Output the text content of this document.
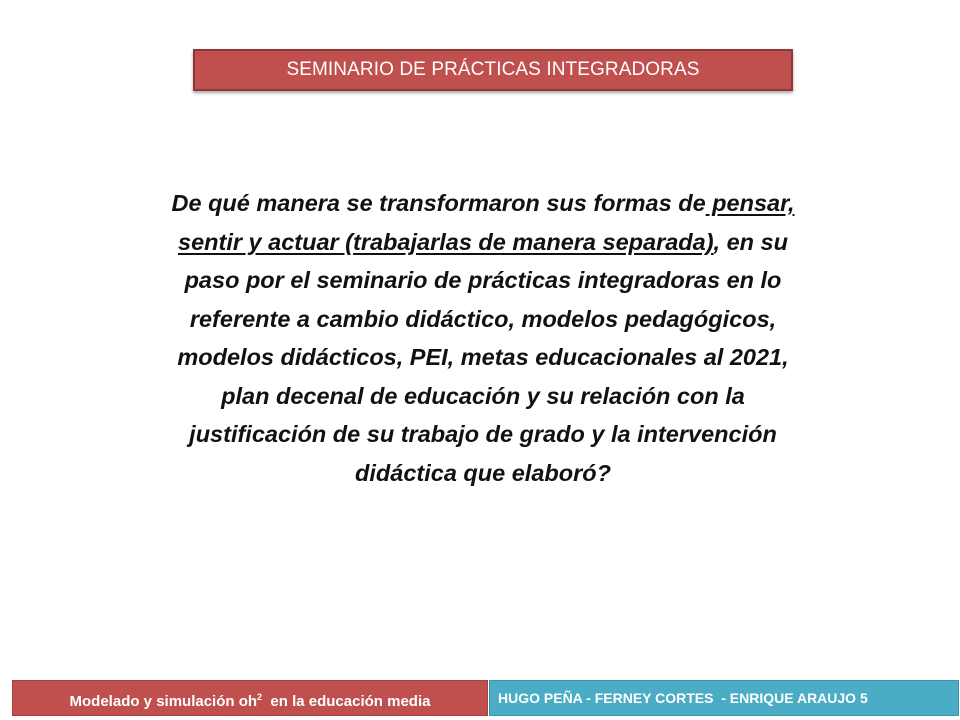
SEMINARIO DE PRÁCTICAS INTEGRADORAS
De qué manera se transformaron sus formas de pensar, sentir y actuar (trabajarlas de manera separada), en su paso por el seminario de prácticas integradoras en lo referente a cambio didáctico, modelos pedagógicos, modelos didácticos, PEI, metas educacionales al 2021, plan decenal de educación y su relación con la justificación de su trabajo de grado y la intervención didáctica que elaboró?
Modelado y simulación $oh^2$  en la educación media	HUGO PEÑA - FERNEY CORTES  - ENRIQUE ARAUJO 5
